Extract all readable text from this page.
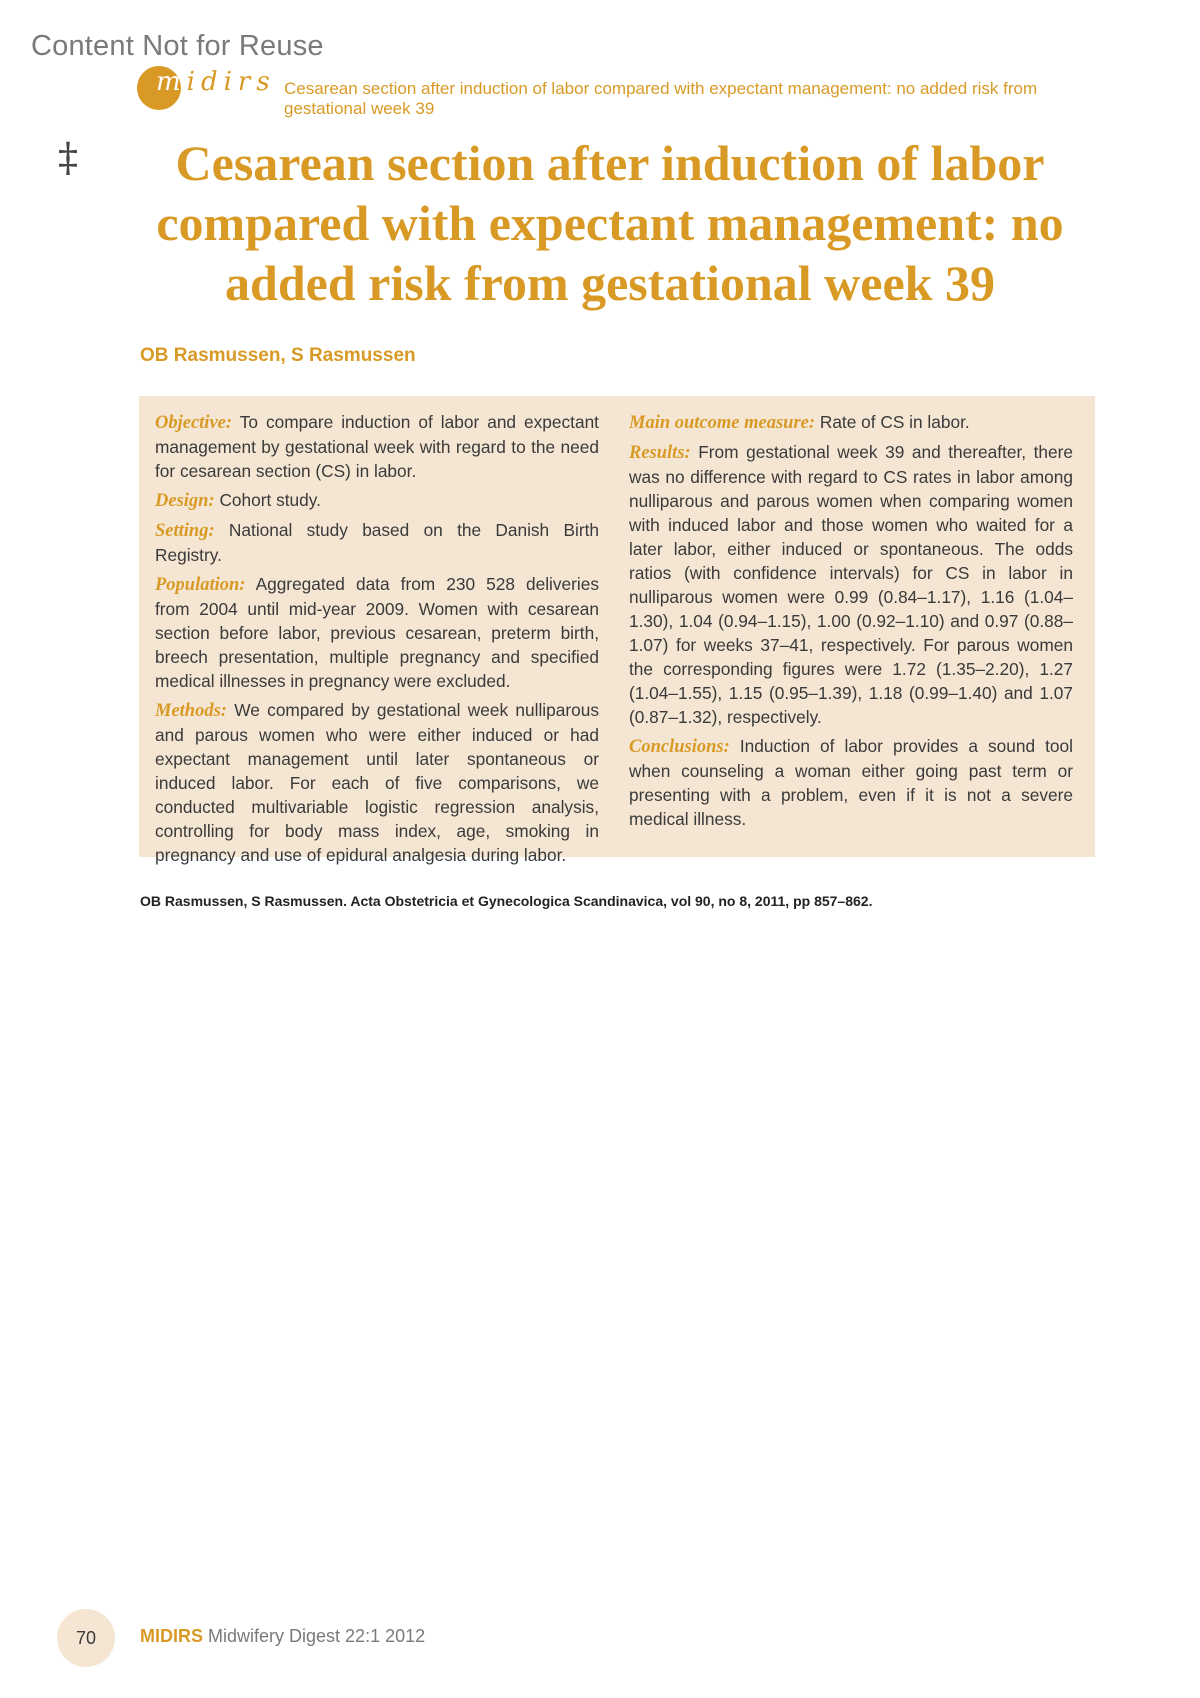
Content Not for Reuse
midirs Cesarean section after induction of labor compared with expectant management: no added risk from gestational week 39
‡	Cesarean section after induction of labor compared with expectant management: no added risk from gestational week 39
OB Rasmussen, S Rasmussen

Objective: To compare induction of labor and expectant management by gestational week with regard to the need for cesarean section (CS) in labor.

Design: Cohort study.

Setting: National study based on the Danish Birth Registry.

Population: Aggregated data from 230 528 deliveries from 2004 until mid-year 2009. Women with cesarean section before labor, previous cesarean, preterm birth, breech presentation, multiple pregnancy and specified medical illnesses in pregnancy were excluded.

Methods: We compared by gestational week nulliparous and parous women who were either induced or had expectant management until later spontaneous or induced labor. For each of five comparisons, we conducted multivariable logistic regression analysis, controlling for body mass index, age, smoking in pregnancy and use of epidural analgesia during labor.

Main outcome measure: Rate of CS in labor.

Results: From gestational week 39 and thereafter, there was no difference with regard to CS rates in labor among nulliparous and parous women when comparing women with induced labor and those women who waited for a later labor, either induced or spontaneous. The odds ratios (with confidence intervals) for CS in labor in nulliparous women were 0.99 (0.84–1.17), 1.16 (1.04–1.30), 1.04 (0.94–1.15), 1.00 (0.92–1.10) and 0.97 (0.88–1.07) for weeks 37–41, respectively. For parous women the corresponding figures were 1.72 (1.35–2.20), 1.27 (1.04–1.55), 1.15 (0.95–1.39), 1.18 (0.99–1.40) and 1.07 (0.87–1.32), respectively.

Conclusions: Induction of labor provides a sound tool when counseling a woman either going past term or presenting with a problem, even if it is not a severe medical illness.

OB Rasmussen, S Rasmussen. Acta Obstetricia et Gynecologica Scandinavica, vol 90, no 8, 2011, pp 857–862.
70	MIDIRS Midwifery Digest 22:1 2012
